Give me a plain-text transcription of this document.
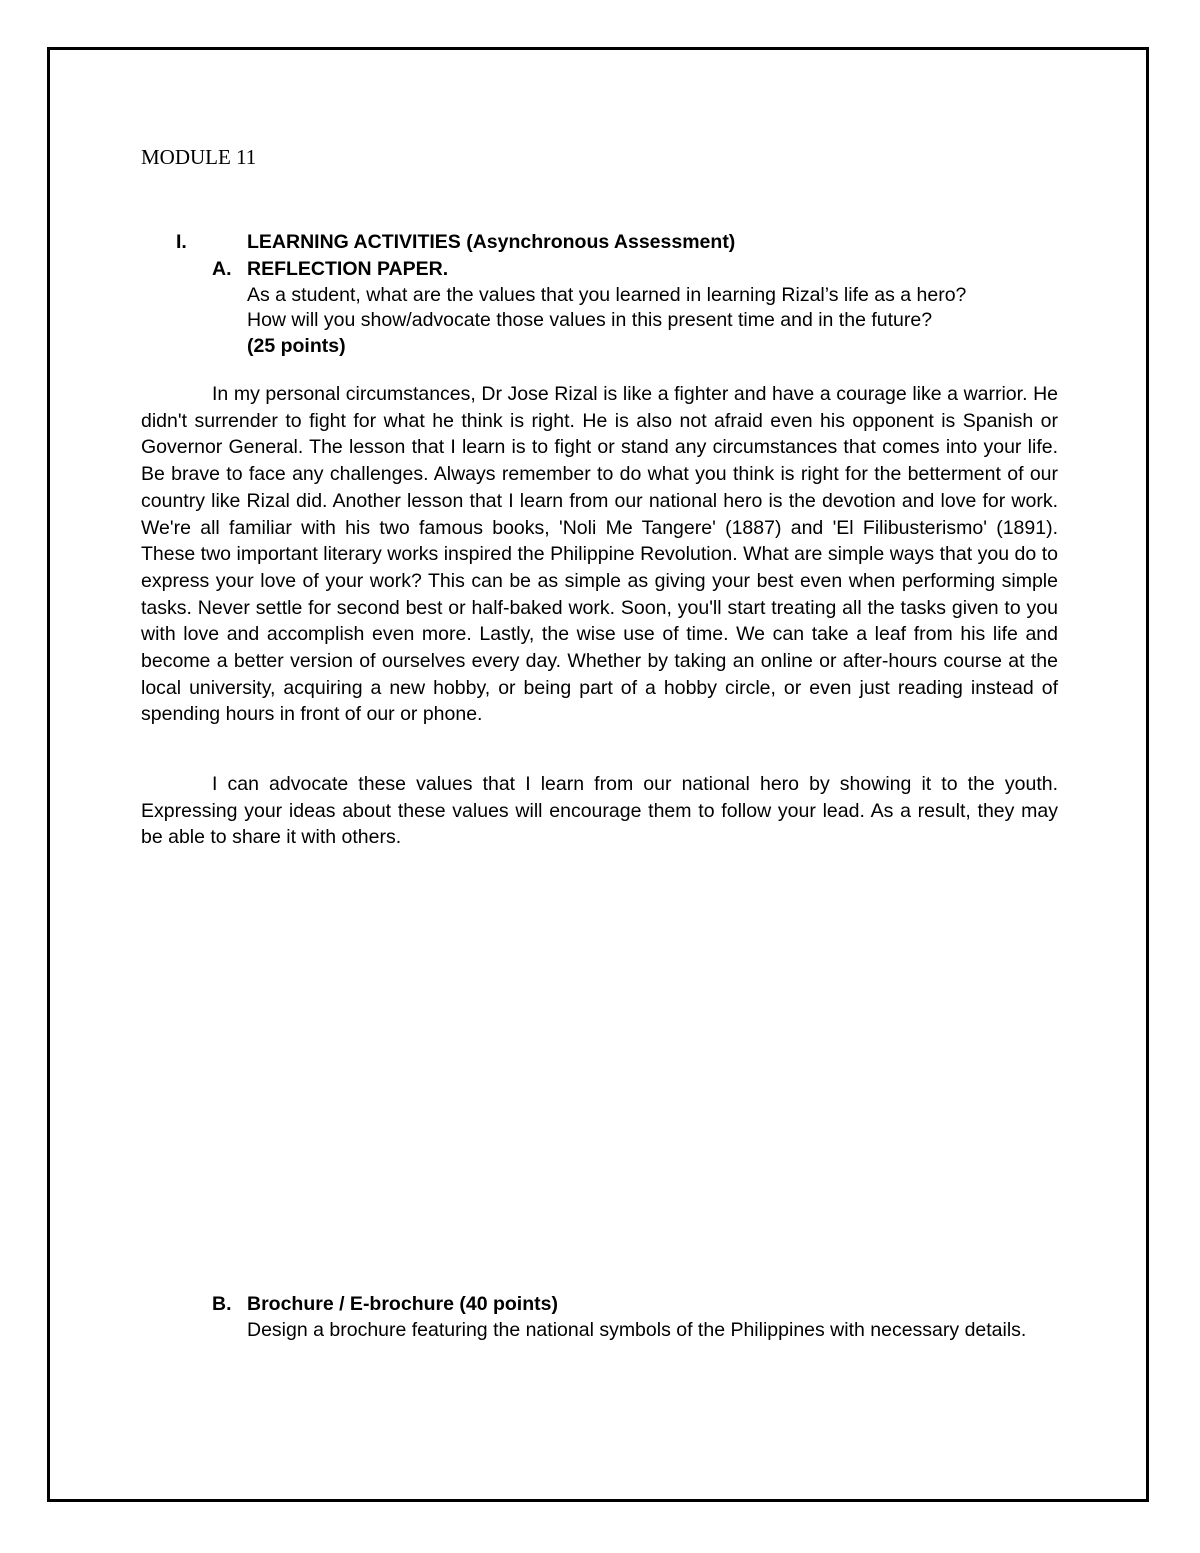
MODULE 11
I.	LEARNING ACTIVITIES (Asynchronous Assessment)
A. REFLECTION PAPER.
As a student, what are the values that you learned in learning Rizal’s life as a hero?
How will you show/advocate those values in this present time and in the future?
(25 points)

In my personal circumstances, Dr Jose Rizal is like a fighter and have a courage like a warrior. He didn't surrender to fight for what he think is right. He is also not afraid even his opponent is Spanish or Governor General. The lesson that I learn is to fight or stand any circumstances that comes into your life. Be brave to face any challenges. Always remember to do what you think is right for the betterment of our country like Rizal did. Another lesson that I learn from our national hero is the devotion and love for work. We're all familiar with his two famous books, 'Noli Me Tangere' (1887) and 'El Filibusterismo' (1891). These two important literary works inspired the Philippine Revolution. What are simple ways that you do to express your love of your work? This can be as simple as giving your best even when performing simple tasks. Never settle for second best or half-baked work. Soon, you'll start treating all the tasks given to you with love and accomplish even more. Lastly, the wise use of time. We can take a leaf from his life and become a better version of ourselves every day. Whether by taking an online or after-hours course at the local university, acquiring a new hobby, or being part of a hobby circle, or even just reading instead of spending hours in front of our or phone.

I can advocate these values that I learn from our national hero by showing it to the youth. Expressing your ideas about these values will encourage them to follow your lead. As a result, they may be able to share it with others.

B. Brochure / E-brochure (40 points)
Design a brochure featuring the national symbols of the Philippines with necessary details.
